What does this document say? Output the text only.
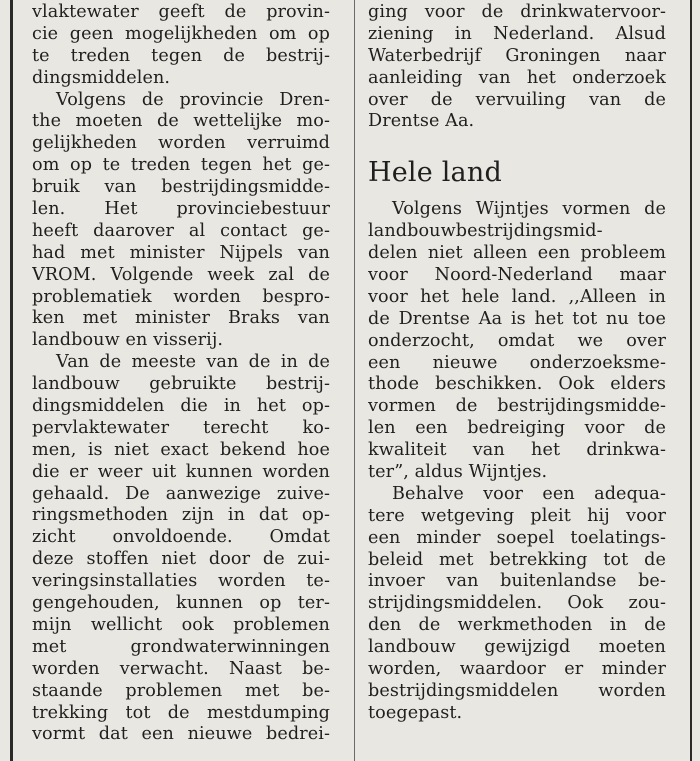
vlaktewater geeft de provin-
cie geen mogelijkheden om op
te treden tegen de bestrij-
dingsmiddelen.
Volgens de provincie Dren-
the moeten de wettelijke mo-
gelijkheden worden verruimd
om op te treden tegen het ge-
bruik van bestrijdingsmidde-
len. Het provinciebestuur
heeft daarover al contact ge-
had met minister Nijpels van
VROM. Volgende week zal de
problematiek worden bespro-
ken met minister Braks van
landbouw en visserij.
Van de meeste van de in de
landbouw gebruikte bestrij-
dingsmiddelen die in het op-
pervlaktewater terecht ko-
men, is niet exact bekend hoe
die er weer uit kunnen worden
gehaald. De aanwezige zuive-
ringsmethoden zijn in dat op-
zicht onvoldoende. Omdat
deze stoffen niet door de zui-
veringsinstallaties worden te-
gengehouden, kunnen op ter-
mijn wellicht ook problemen
met grondwaterwinningen
worden verwacht. Naast be-
staande problemen met be-
trekking tot de mestdumping
vormt dat een nieuwe bedrei-
ging voor de drinkwatervoor-
ziening in Nederland. Alsud
Waterbedrijf Groningen naar
aanleiding van het onderzoek
over de vervuiling van de
Drentse Aa.
Hele land
Volgens Wijntjes vormen de
landbouwbestrijdingsmid-
delen niet alleen een probleem
voor Noord-Nederland maar
voor het hele land. ,,Alleen in
de Drentse Aa is het tot nu toe
onderzocht, omdat we over
een nieuwe onderzoeksme-
thode beschikken. Ook elders
vormen de bestrijdingsmidde-
len een bedreiging voor de
kwaliteit van het drinkwa-
ter”, aldus Wijntjes.
Behalve voor een adequa-
tere wetgeving pleit hij voor
een minder soepel toelatings-
beleid met betrekking tot de
invoer van buitenlandse be-
strijdingsmiddelen. Ook zou-
den de werkmethoden in de
landbouw gewijzigd moeten
worden, waardoor er minder
bestrijdingsmiddelen worden
toegepast.
